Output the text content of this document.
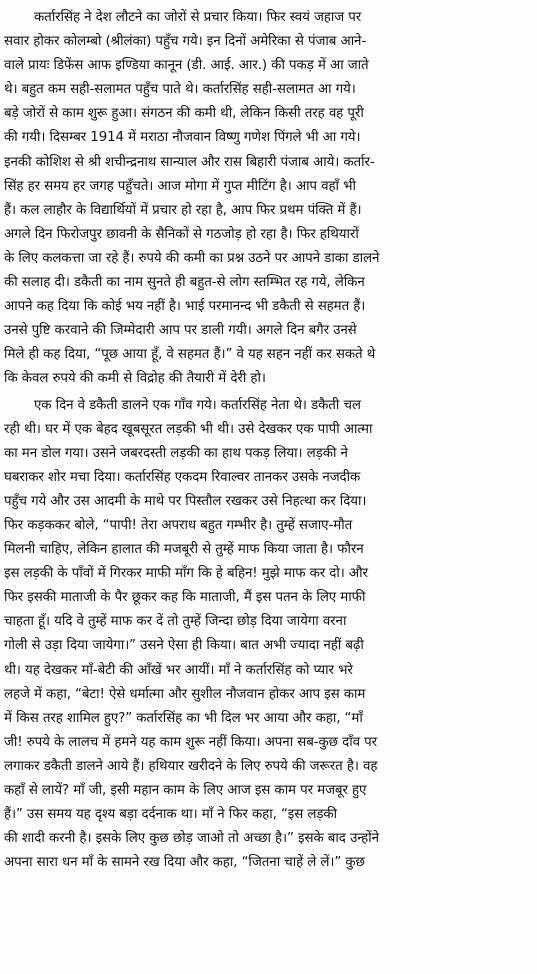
कर्तारसिंह ने देश लौटने का जोरों से प्रचार किया। फिर स्वयं जहाज पर
सवार होकर कोलम्बो (श्रीलंका) पहुँच गये। इन दिनों अमेरिका से पंजाब आने-
वाले प्रायः डिफेंस आफ इण्डिया कानून (डी. आई. आर.) की पकड़ में आ जाते
थे। बहुत कम सही-सलामत पहुँच पाते थे। कर्तारसिंह सही-सलामत आ गये।
बड़े जोरों से काम शुरू हुआ। संगठन की कमी थी, लेकिन किसी तरह वह पूरी
की गयी। दिसम्बर 1914 में मराठा नौजवान विष्णु गणेश पिंगले भी आ गये।
इनकी कोशिश से श्री शचीन्द्रनाथ सान्याल और रास बिहारी पंजाब आये। कर्तार-
सिंह हर समय हर जगह पहुँचते। आज मोगा में गुप्त मीटिंग है। आप वहाँ भी
हैं। कल लाहौर के विद्यार्थियों में प्रचार हो रहा है, आप फिर प्रथम पंक्ति में हैं।
अगले दिन फिरोजपुर छावनी के सैनिकों से गठजोड़ हो रहा है। फिर हथियारों
के लिए कलकत्ता जा रहे हैं। रुपये की कमी का प्रश्न उठने पर आपने डाका डालने
की सलाह दी। डकैती का नाम सुनते ही बहुत-से लोग स्तम्भित रह गये, लेकिन
आपने कह दिया कि कोई भय नहीं है। भाई परमानन्द भी डकैती से सहमत हैं।
उनसे पुष्टि करवाने की जिम्मेदारी आप पर डाली गयी। अगले दिन बगैर उनसे
मिले ही कह दिया, “पूछ आया हूँ, वे सहमत हैं।” वे यह सहन नहीं कर सकते थे
कि केवल रुपये की कमी से विद्रोह की तैयारी में देरी हो।
एक दिन वे डकैती डालने एक गाँव गये। कर्तारसिंह नेता थे। डकैती चल
रही थी। घर में एक बेहद खूबसूरत लड़की भी थी। उसे देखकर एक पापी आत्मा
का मन डोल गया। उसने जबरदस्ती लड़की का हाथ पकड़ लिया। लड़की ने
घबराकर शोर मचा दिया। कर्तारसिंह एकदम रिवाल्वर तानकर उसके नजदीक
पहुँच गये और उस आदमी के माथे पर पिस्तौल रखकर उसे निहत्था कर दिया।
फिर कड़ककर बोले, “पापी! तेरा अपराध बहुत गम्भीर है। तुम्हें सजाए-मौत
मिलनी चाहिए, लेकिन हालात की मजबूरी से तुम्हें माफ किया जाता है। फौरन
इस लड़की के पाँवों में गिरकर माफी माँग कि हे बहिन! मुझे माफ कर दो। और
फिर इसकी माताजी के पैर छूकर कह कि माताजी, मैं इस पतन के लिए माफी
चाहता हूँ। यदि वे तुम्हें माफ कर दें तो तुम्हें जिन्दा छोड़ दिया जायेगा वरना
गोली से उड़ा दिया जायेगा।” उसने ऐसा ही किया। बात अभी ज्यादा नहीं बढ़ी
थी। यह देखकर माँ-बेटी की आँखें भर आयीं। माँ ने कर्तारसिंह को प्यार भरे
लहजे में कहा, “बेटा! ऐसे धर्मात्मा और सुशील नौजवान होकर आप इस काम
में किस तरह शामिल हुए?” कर्तारसिंह का भी दिल भर आया और कहा, “माँ
जी! रुपये के लालच में हमने यह काम शुरू नहीं किया। अपना सब-कुछ दाँव पर
लगाकर डकैती डालने आये हैं। हथियार खरीदने के लिए रुपये की जरूरत है। वह
कहाँ से लायें? माँ जी, इसी महान काम के लिए आज इस काम पर मजबूर हुए
हैं।” उस समय यह दृश्य बड़ा दर्दनाक था। माँ ने फिर कहा, “इस लड़की
की शादी करनी है। इसके लिए कुछ छोड़ जाओ तो अच्छा है।” इसके बाद उन्होंने
अपना सारा धन माँ के सामने रख दिया और कहा, “जितना चाहें ले लें।” कुछ
